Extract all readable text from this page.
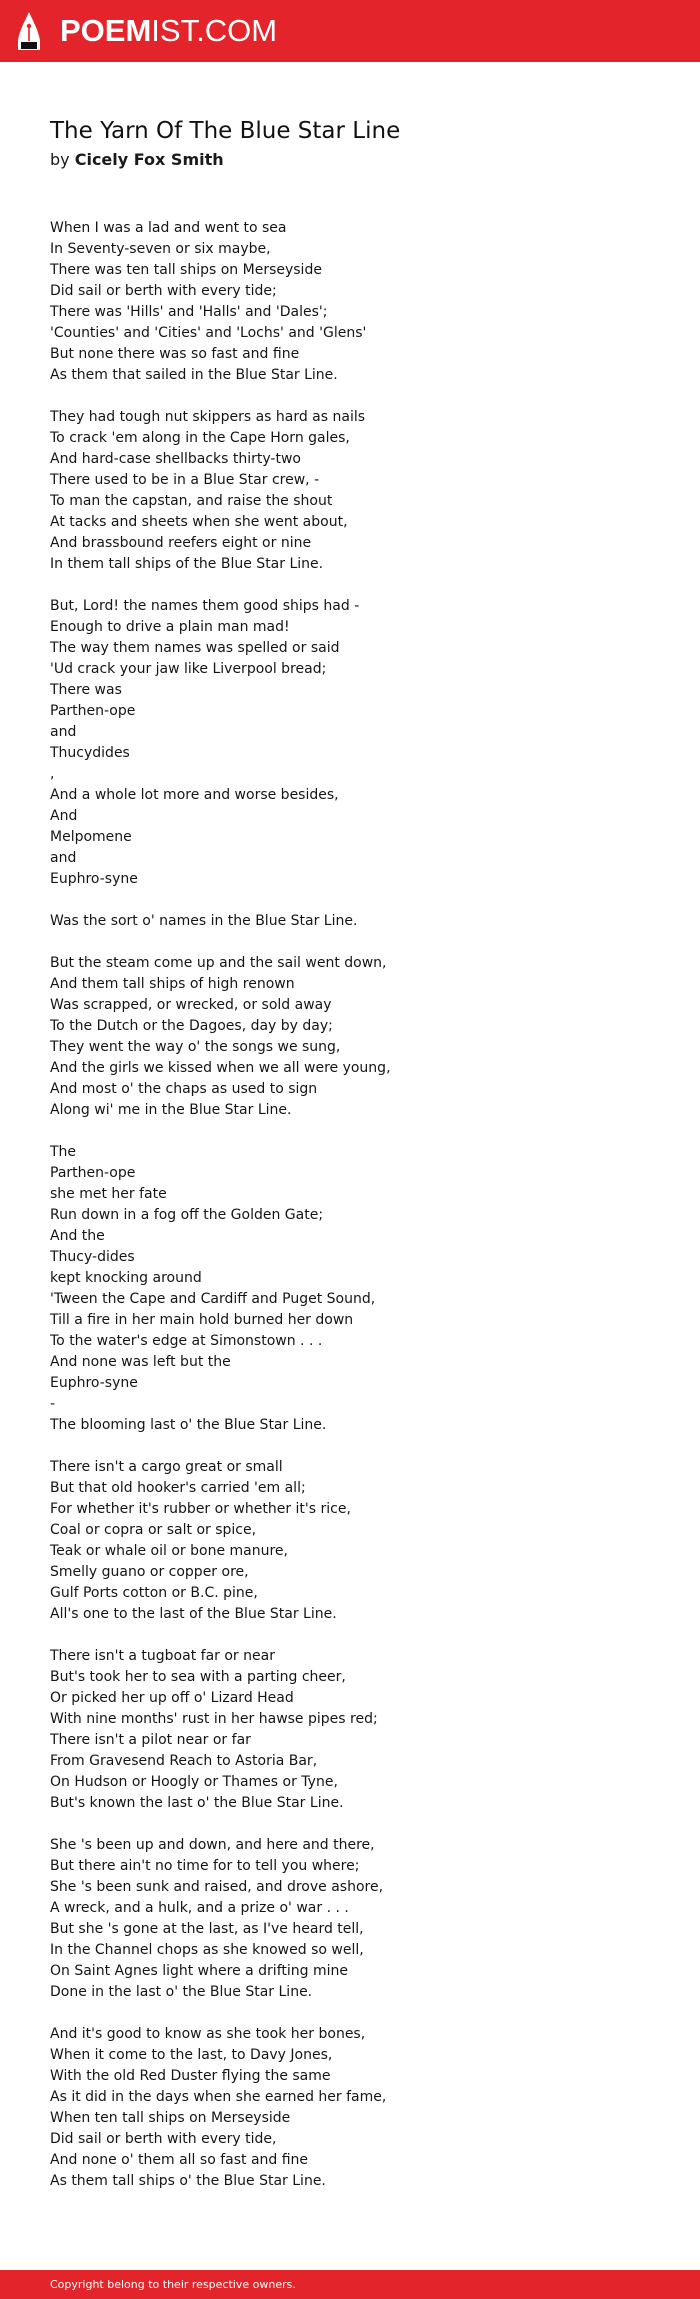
POEMIST.COM
The Yarn Of The Blue Star Line
by Cicely Fox Smith
When I was a lad and went to sea
In Seventy-seven or six maybe,
There was ten tall ships on Merseyside
Did sail or berth with every tide;
There was 'Hills' and 'Halls' and 'Dales';
'Counties' and 'Cities' and 'Lochs' and 'Glens'
But none there was so fast and fine
As them that sailed in the Blue Star Line.
They had tough nut skippers as hard as nails
To crack 'em along in the Cape Horn gales,
And hard-case shellbacks thirty-two
There used to be in a Blue Star crew, -
To man the capstan, and raise the shout
At tacks and sheets when she went about,
And brassbound reefers eight or nine
In them tall ships of the Blue Star Line.
But, Lord! the names them good ships had -
Enough to drive a plain man mad!
The way them names was spelled or said
'Ud crack your jaw like Liverpool bread;
There was
Parthen-ope
and
Thucydides
,
And a whole lot more and worse besides,
And
Melpomene
and
Euphro-syne
Was the sort o' names in the Blue Star Line.
But the steam come up and the sail went down,
And them tall ships of high renown
Was scrapped, or wrecked, or sold away
To the Dutch or the Dagoes, day by day;
They went the way o' the songs we sung,
And the girls we kissed when we all were young,
And most o' the chaps as used to sign
Along wi' me in the Blue Star Line.
The
Parthen-ope
she met her fate
Run down in a fog off the Golden Gate;
And the
Thucy-dides
kept knocking around
'Tween the Cape and Cardiff and Puget Sound,
Till a fire in her main hold burned her down
To the water's edge at Simonstown . . .
And none was left but the
Euphro-syne
-
The blooming last o' the Blue Star Line.
There isn't a cargo great or small
But that old hooker's carried 'em all;
For whether it's rubber or whether it's rice,
Coal or copra or salt or spice,
Teak or whale oil or bone manure,
Smelly guano or copper ore,
Gulf Ports cotton or B.C. pine,
All's one to the last of the Blue Star Line.
There isn't a tugboat far or near
But's took her to sea with a parting cheer,
Or picked her up off o' Lizard Head
With nine months' rust in her hawse pipes red;
There isn't a pilot near or far
From Gravesend Reach to Astoria Bar,
On Hudson or Hoogly or Thames or Tyne,
But's known the last o' the Blue Star Line.
She 's been up and down, and here and there,
But there ain't no time for to tell you where;
She 's been sunk and raised, and drove ashore,
A wreck, and a hulk, and a prize o' war . . .
But she 's gone at the last, as I've heard tell,
In the Channel chops as she knowed so well,
On Saint Agnes light where a drifting mine
Done in the last o' the Blue Star Line.
And it's good to know as she took her bones,
When it come to the last, to Davy Jones,
With the old Red Duster flying the same
As it did in the days when she earned her fame,
When ten tall ships on Merseyside
Did sail or berth with every tide,
And none o' them all so fast and fine
As them tall ships o' the Blue Star Line.
Copyright belong to their respective owners.
